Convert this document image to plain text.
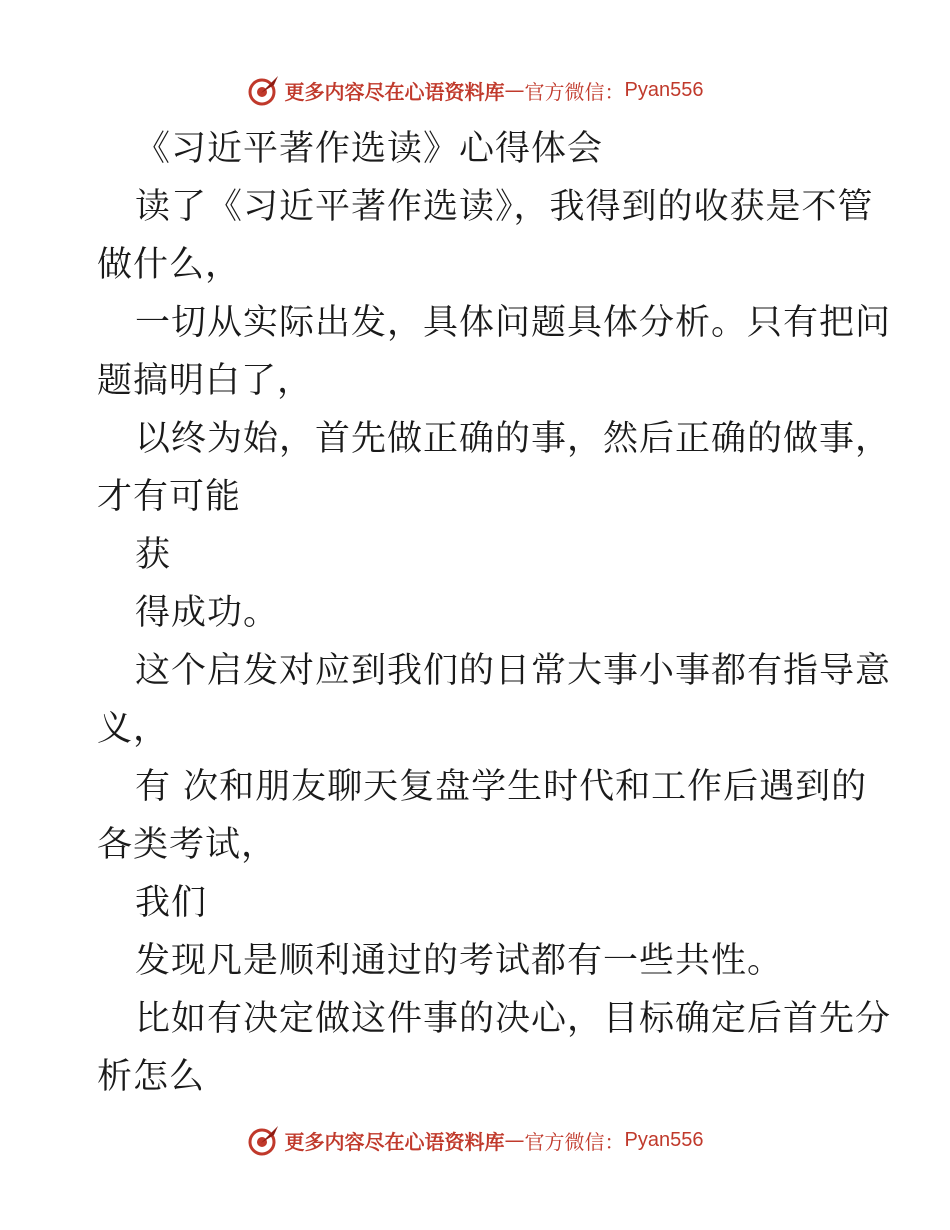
更多内容尽在心语资料库 — 官方微信： Pyan556
《习近平著作选读》心得体会
读了《习近平著作选读》，我得到的收获是不管
做什么，
一切从实际出发，具体问题具体分析。只有把问
题搞明白了，
以终为始，首先做正确的事，然后正确的做事，
才有可能
获
得成功。
这个启发对应到我们的日常大事小事都有指导意
义，
有 次和朋友聊天复盘学生时代和工作后遇到的
各类考试，
我们
发现凡是顺利通过的考试都有一些共性。
比如有决定做这件事的决心，目标确定后首先分
析怎么
更多内容尽在心语资料库 — 官方微信： Pyan556
